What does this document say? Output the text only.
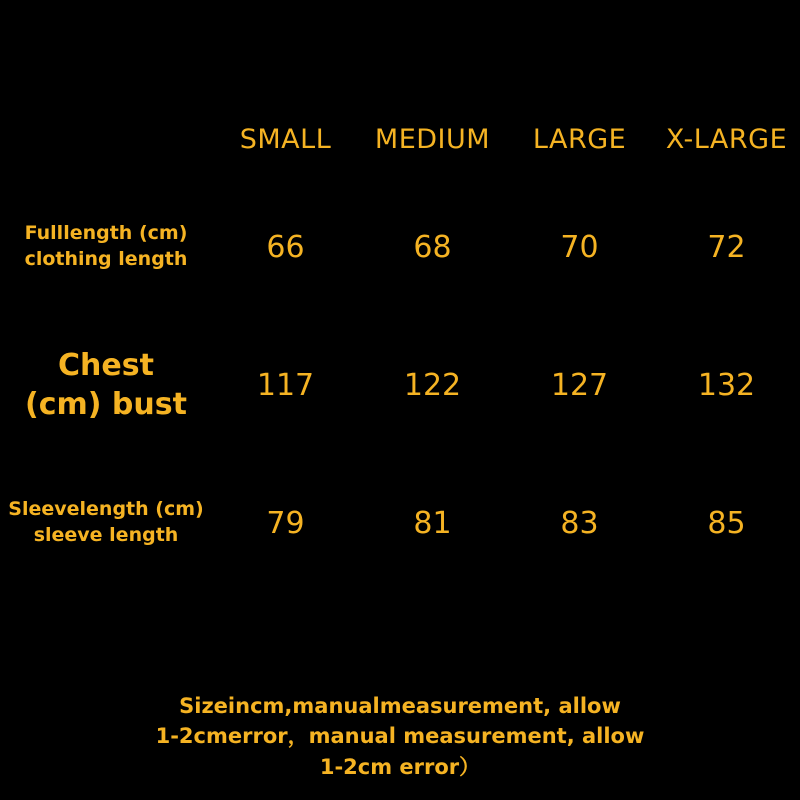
	SMALL	MEDIUM	LARGE	X-LARGE

Fulllength (cm)
clothing length	66	68	70	72

Chest
(cm) bust	117	122	127	132

Sleevelength (cm)
sleeve length	79	81	83	85
Sizeincm,manualmeasurement, allow
1-2cmerror，manual measurement, allow
1-2cm error）
